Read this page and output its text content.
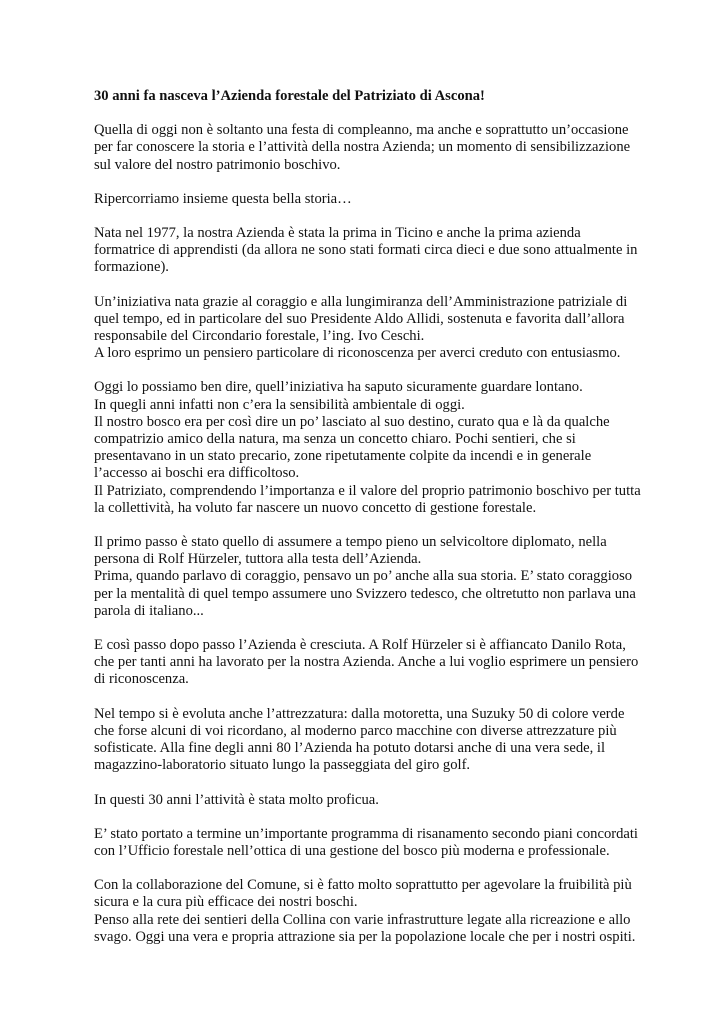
30 anni fa nasceva l’Azienda forestale del Patriziato di Ascona!

Quella di oggi non è soltanto una festa di compleanno, ma anche e soprattutto un’occasione
per far conoscere la storia e l’attività della nostra Azienda; un momento di sensibilizzazione
sul valore del nostro patrimonio boschivo.

Ripercorriamo insieme questa bella storia…

Nata nel 1977, la nostra Azienda è stata la prima in Ticino e anche la prima azienda
formatrice di apprendisti (da allora ne sono stati formati circa dieci e due sono attualmente in
formazione).

Un’iniziativa nata grazie al coraggio e alla lungimiranza dell’Amministrazione patriziale di
quel tempo, ed in particolare del suo Presidente Aldo Allidi, sostenuta e favorita dall’allora
responsabile del Circondario forestale, l’ing. Ivo Ceschi.
A loro esprimo un pensiero particolare di riconoscenza per averci creduto con entusiasmo.

Oggi lo possiamo ben dire, quell’iniziativa ha saputo sicuramente guardare lontano.
In quegli anni infatti non c’era la sensibilità ambientale di oggi.
Il nostro bosco era per così dire un po’ lasciato al suo destino, curato qua e là da qualche
compatrizio amico della natura, ma senza un concetto chiaro. Pochi sentieri, che si
presentavano in un stato precario, zone ripetutamente colpite da incendi e in generale
l’accesso ai boschi era difficoltoso.
Il Patriziato, comprendendo l’importanza e il valore del proprio patrimonio boschivo per tutta
la collettività, ha voluto far nascere un nuovo concetto di gestione forestale.

Il primo passo è stato quello di assumere a tempo pieno un selvicoltore diplomato, nella
persona di Rolf Hürzeler, tuttora alla testa dell’Azienda.
Prima, quando parlavo di coraggio, pensavo un po’ anche alla sua storia. E’ stato coraggioso
per la mentalità di quel tempo assumere uno Svizzero tedesco, che oltretutto non parlava una
parola di italiano...

E così passo dopo passo l’Azienda è cresciuta. A Rolf Hürzeler si è affiancato Danilo Rota,
che per tanti anni ha lavorato per la nostra Azienda. Anche a lui voglio esprimere un pensiero
di riconoscenza.

Nel tempo si è evoluta anche l’attrezzatura: dalla motoretta, una Suzuky 50 di colore verde
che forse alcuni di voi ricordano, al moderno parco macchine con diverse attrezzature più
sofisticate. Alla fine degli anni 80 l’Azienda ha potuto dotarsi anche di una vera sede, il
magazzino-laboratorio situato lungo la passeggiata del giro golf.

In questi 30 anni l’attività è stata molto proficua.

E’ stato portato a termine un’importante programma di risanamento secondo piani concordati
con l’Ufficio forestale nell’ottica di una gestione del bosco più moderna e professionale.

Con la collaborazione del Comune, si è fatto molto soprattutto per agevolare la fruibilità più
sicura e la cura più efficace dei nostri boschi.
Penso alla rete dei sentieri della Collina con varie infrastrutture legate alla ricreazione e allo
svago. Oggi una vera e propria attrazione sia per la popolazione locale che per i nostri ospiti.
